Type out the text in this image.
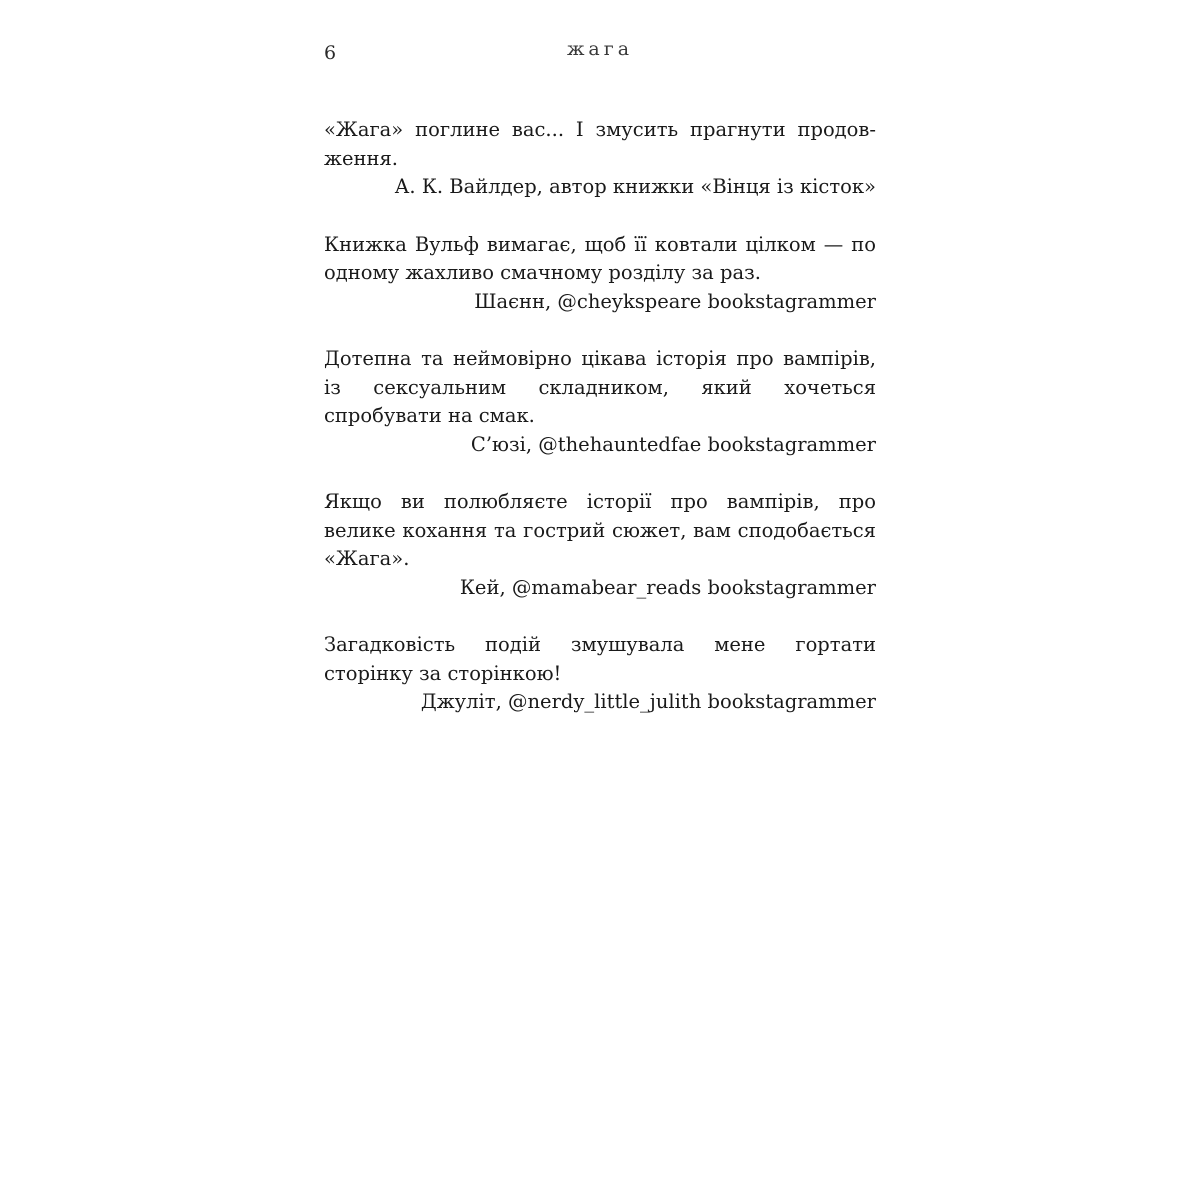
6	жага

«Жага» поглине вас... І змусить прагнути продовження.

А. К. Вайлдер, автор книжки «Вінця із кісток»

Книжка Вульф вимагає, щоб її ковтали цілком — по одному жахливо смачному розділу за раз.

Шаєнн, @cheykspeare bookstagrammer

Дотепна та неймовірно цікава історія про вампірів, із сексуальним складником, який хочеться спробувати на смак.

С’юзі, @thehauntedfae bookstagrammer

Якщо ви полюбляєте історії про вампірів, про велике кохання та гострий сюжет, вам сподобається «Жага».

Кей, @mamabear_reads bookstagrammer

Загадковість подій змушувала мене гортати сторінку за сторінкою!

Джуліт, @nerdy_little_julith bookstagrammer
